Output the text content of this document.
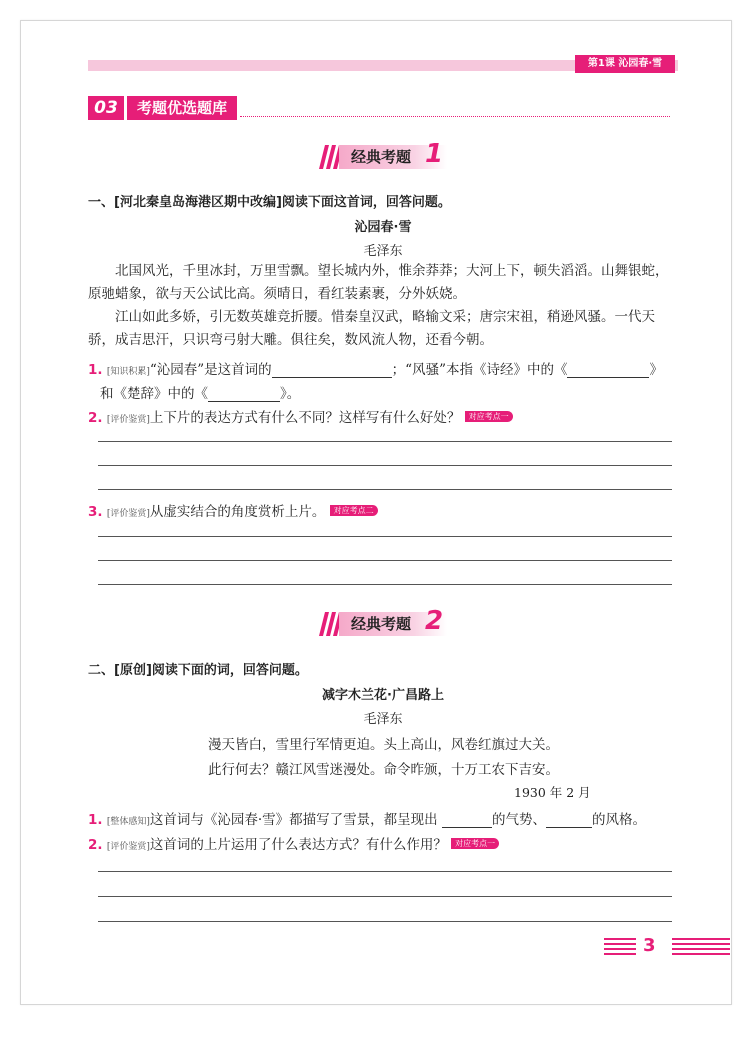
第1课 沁园春·雪
03	考题优选题库
经典考题 1
一、[河北秦皇岛海港区期中改编]阅读下面这首词，回答问题。
沁园春·雪
毛泽东
北国风光，千里冰封，万里雪飘。望长城内外，惟余莽莽；大河上下，顿失滔滔。山舞银蛇，原驰蜡象，欲与天公试比高。须晴日，看红装素裹，分外妖娆。
江山如此多娇，引无数英雄竞折腰。惜秦皇汉武，略输文采；唐宗宋祖，稍逊风骚。一代天骄，成吉思汗，只识弯弓射大雕。俱往矣，数风流人物，还看今朝。
1. [知识积累]“沁园春”是这首词的	；“风骚”本指《诗经》中的《	》
和《楚辞》中的《	》。
2. [评价鉴赏]上下片的表达方式有什么不同？这样写有什么好处？ 对应考点一
3. [评价鉴赏]从虚实结合的角度赏析上片。 对应考点二
经典考题 2
二、[原创]阅读下面的词，回答问题。
减字木兰花·广昌路上
毛泽东
漫天皆白，雪里行军情更迫。头上高山，风卷红旗过大关。
此行何去？赣江风雪迷漫处。命令昨颁，十万工农下吉安。
1930 年 2 月
1. [整体感知]这首词与《沁园春·雪》都描写了雪景，都呈现出	的气势、	的风格。
2. [评价鉴赏]这首词的上片运用了什么表达方式？有什么作用？ 对应考点一
3
